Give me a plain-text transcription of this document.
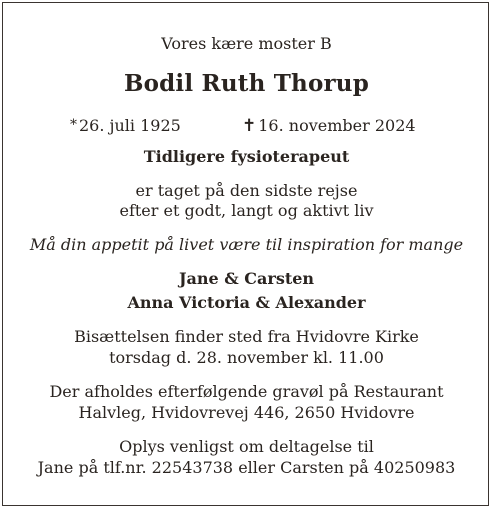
Vores kære moster B
Bodil Ruth Thorup
* 26. juli 1925	✝ 16. november 2024
Tidligere fysioterapeut
er taget på den sidste rejse
efter et godt, langt og aktivt liv
Må din appetit på livet være til inspiration for mange
Jane & Carsten
Anna Victoria & Alexander
Bisættelsen finder sted fra Hvidovre Kirke
torsdag d. 28. november kl. 11.00
Der afholdes efterfølgende gravøl på Restaurant
Halvleg, Hvidovrevej 446, 2650 Hvidovre
Oplys venligst om deltagelse til
Jane på tlf.nr. 22543738 eller Carsten på 40250983
